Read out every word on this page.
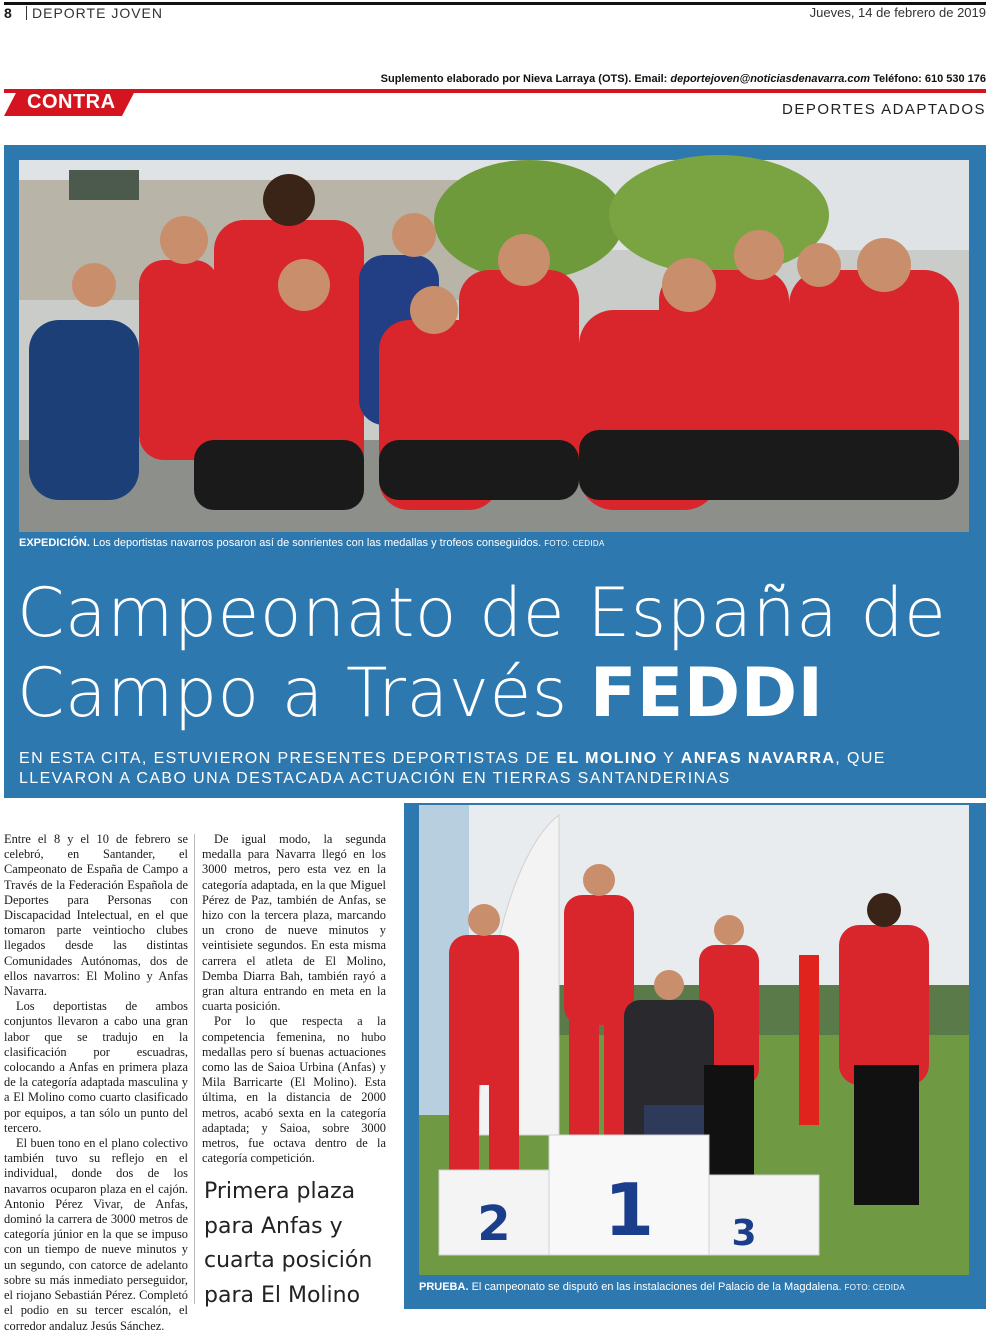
8 DEPORTE JOVEN	Jueves, 14 de febrero de 2019
Suplemento elaborado por Nieva Larraya (OTS). Email: deportejoven@noticiasdenavarra.com Teléfono: 610 530 176
CONTRA	DEPORTES ADAPTADOS
EXPEDICIÓN. Los deportistas navarros posaron así de sonrientes con las medallas y trofeos conseguidos. FOTO: CEDIDA
Campeonato de España de
Campo a Través FEDDI
EN ESTA CITA, ESTUVIERON PRESENTES DEPORTISTAS DE EL MOLINO Y ANFAS NAVARRA, QUE LLEVARON A CABO UNA DESTACADA ACTUACIÓN EN TIERRAS SANTANDERINAS

Entre el 8 y el 10 de febrero se celebró, en Santander, el Campeonato de España de Campo a Través de la Federación Española de Deportes para Personas con Discapacidad Intelectual, en el que tomaron parte veintiocho clubes llegados desde las distintas Comunidades Autónomas, dos de ellos navarros: El Molino y Anfas Navarra.

Los deportistas de ambos conjuntos llevaron a cabo una gran labor que se tradujo en la clasificación por escuadras, colocando a Anfas en primera plaza de la categoría adaptada masculina y a El Molino como cuarto clasificado por equipos, a tan sólo un punto del tercero.

El buen tono en el plano colectivo también tuvo su reflejo en el individual, donde dos de los navarros ocuparon plaza en el cajón. Antonio Pérez Vivar, de Anfas, dominó la carrera de 3000 metros de categoría júnior en la que se impuso con un tiempo de nueve minutos y un segundo, con catorce de adelanto sobre su más inmediato perseguidor, el riojano Sebastián Pérez. Completó el podio en su tercer escalón, el corredor andaluz Jesús Sánchez.

De igual modo, la segunda medalla para Navarra llegó en los 3000 metros, pero esta vez en la categoría adaptada, en la que Miguel Pérez de Paz, también de Anfas, se hizo con la tercera plaza, marcando un crono de nueve minutos y veintisiete segundos. En esta misma carrera el atleta de El Molino, Demba Diarra Bah, también rayó a gran altura entrando en meta en la cuarta posición.

Por lo que respecta a la competencia femenina, no hubo medallas pero sí buenas actuaciones como las de Saioa Urbina (Anfas) y Mila Barricarte (El Molino). Esta última, en la distancia de 2000 metros, acabó sexta en la categoría adaptada; y Saioa, sobre 3000 metros, fue octava dentro de la categoría competición.

Primera plaza
para Anfas y
cuarta posición
para El Molino
2 1 3
PRUEBA. El campeonato se disputó en las instalaciones del Palacio de la Magdalena. FOTO: CEDIDA
